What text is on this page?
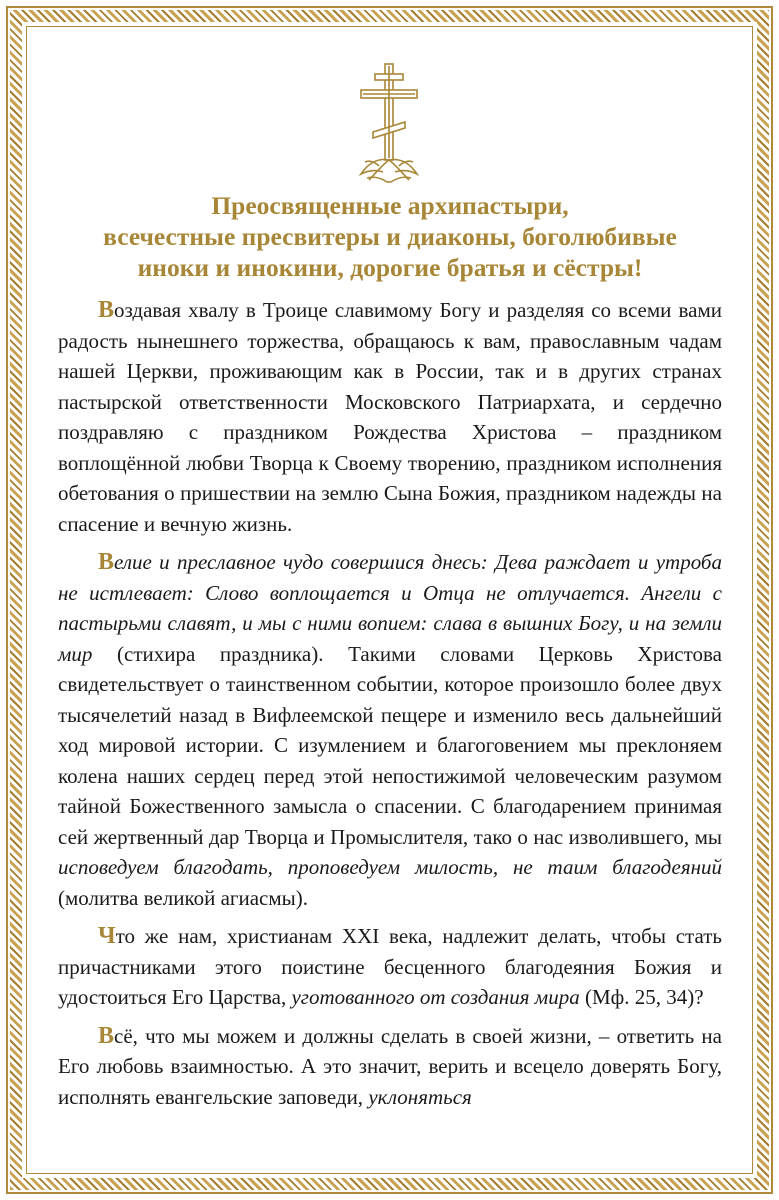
Преосвященные архипастыри,
всечестные пресвитеры и диаконы, боголюбивые
иноки и инокини, дорогие братья и сёстры!

Воздавая хвалу в Троице славимому Богу и разделяя со всеми вами радость нынешнего торжества, обращаюсь к вам, православным чадам нашей Церкви, проживающим как в России, так и в других странах пастырской ответственности Московского Патриархата, и сердечно поздравляю с праздником Рождества Христова – праздником воплощённой любви Творца к Своему творению, праздником исполнения обетования о пришествии на землю Сына Божия, праздником надежды на спасение и вечную жизнь.

Велие и преславное чудо совершися днесь: Дева раждает и утроба не истлевает: Слово воплощается и Отца не отлучается. Ангели с пастырьми славят, и мы с ними вопием: слава в вышних Богу, и на земли мир (стихира праздника). Такими словами Церковь Христова свидетельствует о таинственном событии, которое произошло более двух тысячелетий назад в Вифлеемской пещере и изменило весь дальнейший ход мировой истории. С изумлением и благоговением мы преклоняем колена наших сердец перед этой непостижимой человеческим разумом тайной Божественного замысла о спасении. С благодарением принимая сей жертвенный дар Творца и Промыслителя, тако о нас изволившего, мы исповедуем благодать, проповедуем милость, не таим благодеяний (молитва великой агиасмы).

Что же нам, христианам XXI века, надлежит делать, чтобы стать причастниками этого поистине бесценного благодеяния Божия и удостоиться Его Царства, уготованного от создания мира (Мф. 25, 34)?

Всё, что мы можем и должны сделать в своей жизни, – ответить на Его любовь взаимностью. А это значит, верить и всецело доверять Богу, исполнять евангельские заповеди, уклоняться
